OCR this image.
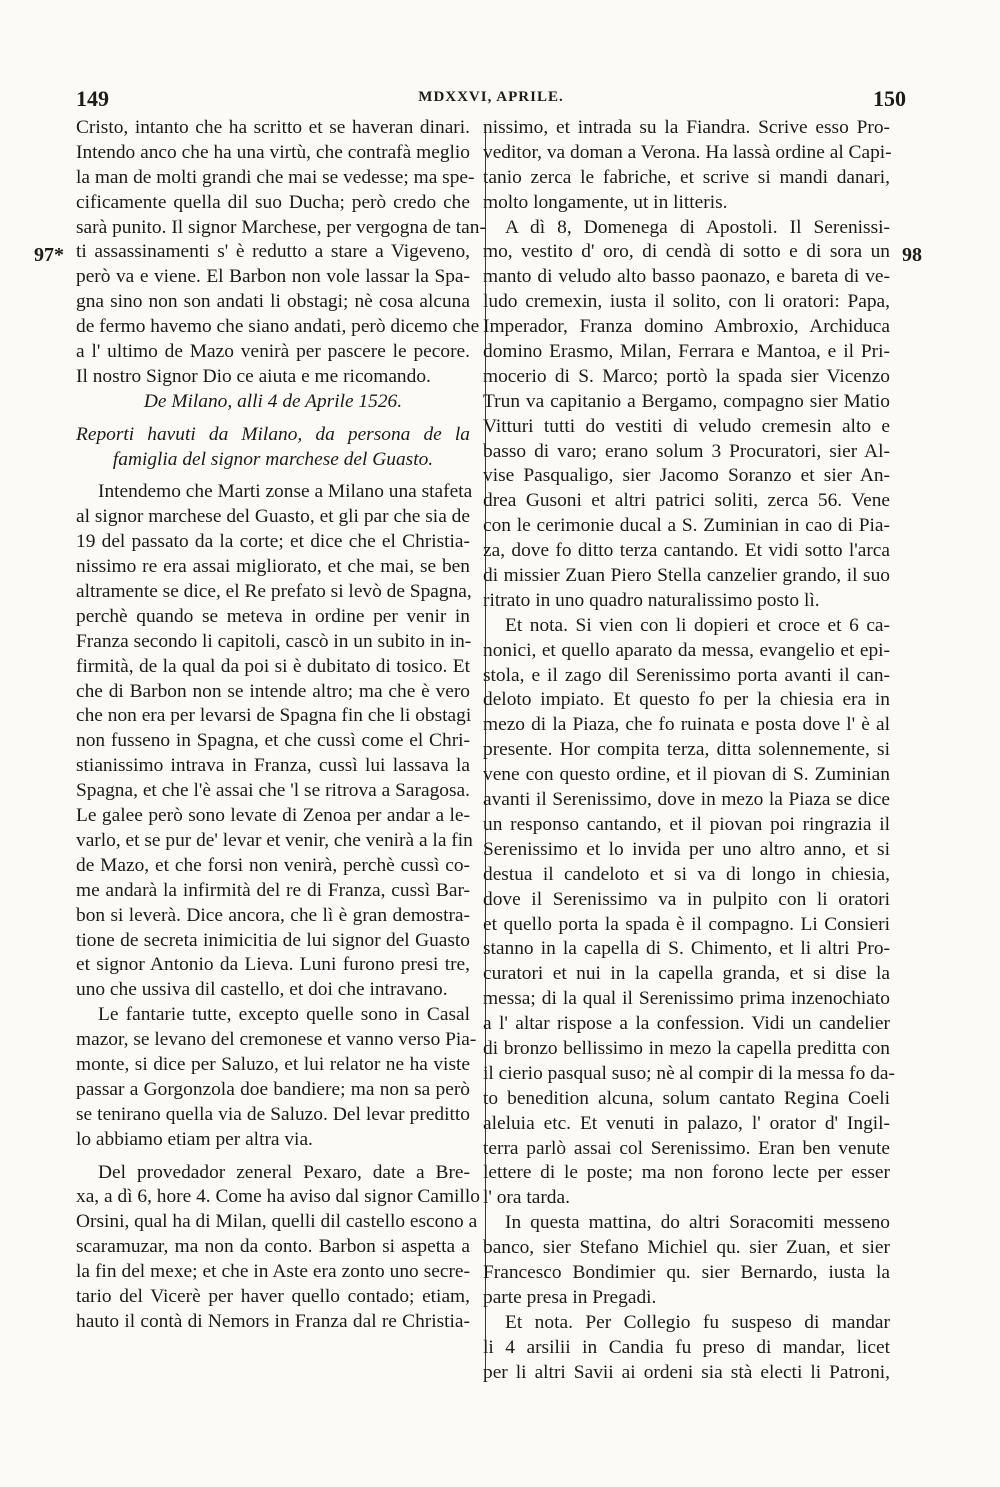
149	MDXXVI, APRILE.	150
97*	98
Cristo, intanto che ha scritto et se haveran dinari.
Intendo anco che ha una virtù, che contrafà meglio
la man de molti grandi che mai se vedesse; ma spe-
cificamente quella dil suo Ducha; però credo che
sarà punito. Il signor Marchese, per vergogna de tan-
ti assassinamenti s' è redutto a stare a Vigeveno,
però va e viene. El Barbon non vole lassar la Spa-
gna sino non son andati li obstagi; nè cosa alcuna
de fermo havemo che siano andati, però dicemo che
a l' ultimo de Mazo venirà per pascere le pecore.
Il nostro Signor Dio ce aiuta e me ricomando.
De Milano, alli 4 de Aprile 1526.
Reporti havuti da Milano, da persona de la
famiglia del signor marchese del Guasto.
Intendemo che Marti zonse a Milano una stafeta
al signor marchese del Guasto, et gli par che sia de
19 del passato da la corte; et dice che el Christia-
nissimo re era assai migliorato, et che mai, se ben
altramente se dice, el Re prefato si levò de Spagna,
perchè quando se meteva in ordine per venir in
Franza secondo li capitoli, cascò in un subito in in-
firmità, de la qual da poi si è dubitato di tosico. Et
che di Barbon non se intende altro; ma che è vero
che non era per levarsi de Spagna fin che li obstagi
non fusseno in Spagna, et che cussì come el Chri-
stianissimo intrava in Franza, cussì lui lassava la
Spagna, et che l'è assai che 'l se ritrova a Saragosa.
Le galee però sono levate di Zenoa per andar a le-
varlo, et se pur de' levar et venir, che venirà a la fin
de Mazo, et che forsi non venirà, perchè cussì co-
me andarà la infirmità del re di Franza, cussì Bar-
bon si leverà. Dice ancora, che lì è gran demostra-
tione de secreta inimicitia de lui signor del Guasto
et signor Antonio da Lieva. Luni furono presi tre,
uno che ussiva dil castello, et doi che intravano.
Le fantarie tutte, excepto quelle sono in Casal
mazor, se levano del cremonese et vanno verso Pia-
monte, si dice per Saluzo, et lui relator ne ha viste
passar a Gorgonzola doe bandiere; ma non sa però
se tenirano quella via de Saluzo. Del levar preditto
lo abbiamo etiam per altra via.
Del provedador zeneral Pexaro, date a Bre-
xa, a dì 6, hore 4. Come ha aviso dal signor Camillo
Orsini, qual ha di Milan, quelli dil castello escono a
scaramuzar, ma non da conto. Barbon si aspetta a
la fin del mexe; et che in Aste era zonto uno secre-
tario del Vicerè per haver quello contado; etiam,
hauto il contà di Nemors in Franza dal re Christia-
nissimo, et intrada su la Fiandra. Scrive esso Pro-
veditor, va doman a Verona. Ha lassà ordine al Capi-
tanio zerca le fabriche, et scrive si mandi danari,
molto longamente, ut in litteris.
A dì 8, Domenega di Apostoli. Il Serenissi-
mo, vestito d' oro, di cendà di sotto e di sora un
manto di veludo alto basso paonazo, e bareta di ve-
ludo cremexin, iusta il solito, con li oratori: Papa,
Imperador, Franza domino Ambroxio, Archiduca
domino Erasmo, Milan, Ferrara e Mantoa, e il Pri-
mocerio di S. Marco; portò la spada sier Vicenzo
Trun va capitanio a Bergamo, compagno sier Matio
Vitturi tutti do vestiti di veludo cremesin alto e
basso di varo; erano solum 3 Procuratori, sier Al-
vise Pasqualigo, sier Jacomo Soranzo et sier An-
drea Gusoni et altri patrici soliti, zerca 56. Vene
con le cerimonie ducal a S. Zuminian in cao di Pia-
za, dove fo ditto terza cantando. Et vidi sotto l'arca
di missier Zuan Piero Stella canzelier grando, il suo
ritrato in uno quadro naturalissimo posto lì.
Et nota. Si vien con li dopieri et croce et 6 ca-
nonici, et quello aparato da messa, evangelio et epi-
stola, e il zago dil Serenissimo porta avanti il can-
deloto impiato. Et questo fo per la chiesia era in
mezo di la Piaza, che fo ruinata e posta dove l' è al
presente. Hor compita terza, ditta solennemente, si
vene con questo ordine, et il piovan di S. Zuminian
avanti il Serenissimo, dove in mezo la Piaza se dice
un responso cantando, et il piovan poi ringrazia il
Serenissimo et lo invida per uno altro anno, et si
destua il candeloto et si va di longo in chiesia,
dove il Serenissimo va in pulpito con li oratori
et quello porta la spada è il compagno. Li Consieri
stanno in la capella di S. Chimento, et li altri Pro-
curatori et nui in la capella granda, et si dise la
messa; di la qual il Serenissimo prima inzenochiato
a l' altar rispose a la confession. Vidi un candelier
di bronzo bellissimo in mezo la capella preditta con
il cierio pasqual suso; nè al compir di la messa fo da-
to benedition alcuna, solum cantato Regina Coeli
aleluia etc. Et venuti in palazo, l' orator d' Ingil-
terra parlò assai col Serenissimo. Eran ben venute
lettere di le poste; ma non forono lecte per esser
l' ora tarda.
In questa mattina, do altri Soracomiti messeno
banco, sier Stefano Michiel qu. sier Zuan, et sier
Francesco Bondimier qu. sier Bernardo, iusta la
parte presa in Pregadi.
Et nota. Per Collegio fu suspeso di mandar
li 4 arsilii in Candia fu preso di mandar, licet
per li altri Savii ai ordeni sia stà electi li Patroni,
